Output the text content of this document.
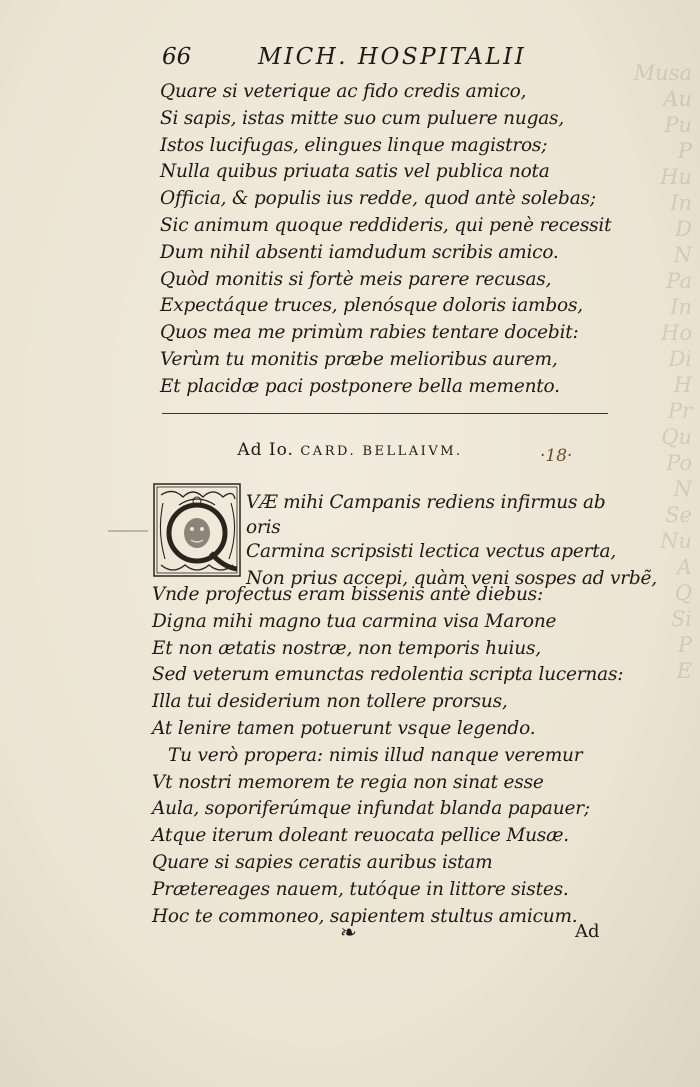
Musa
Au
Pu
P
Hu
In
D
N
Pa
In
Ho
Di
H
Pr
Qu
Po
N
Se
Nu
A
Q
Si
P
E
66	MICH. HOSPITALII
Quare si veterique ac fido credis amico,
Si sapis, istas mitte suo cum puluere nugas,
Istos lucifugas, elingues linque magistros;
Nulla quibus priuata satis vel publica nota
Officia, & populis ius redde, quod antè solebas;
Sic animum quoque reddideris, qui penè recessit
Dum nihil absenti iamdudum scribis amico.
Quòd monitis si fortè meis parere recusas,
Expectáque truces, plenósque doloris iambos,
Quos mea me primùm rabies tentare docebit:
Verùm tu monitis præbe melioribus aurem,
Et placidæ paci postponere bella memento.
Ad Io. CARD. BELLAIVM.	·18·
VÆ mihi Campanis rediens infirmus ab
oris
Carmina scripsisti lectica vectus aperta,
Non prius accepi, quàm veni sospes ad vrbẽ,
Vnde profectus eram bissenis antè diebus:
Digna mihi magno tua carmina visa Marone
Et non ætatis nostræ, non temporis huius,
Sed veterum emunctas redolentia scripta lucernas:
Illa tui desiderium non tollere prorsus,
At lenire tamen potuerunt vsque legendo.
Tu verò propera: nimis illud nanque veremur
Vt nostri memorem te regia non sinat esse
Aula, soporiferúmque infundat blanda papauer;
Atque iterum doleant reuocata pellice Musæ.
Quare si sapies ceratis auribus istam
Prætereages nauem, tutóque in littore sistes.
Hoc te commoneo, sapientem stultus amicum.
❧	Ad
